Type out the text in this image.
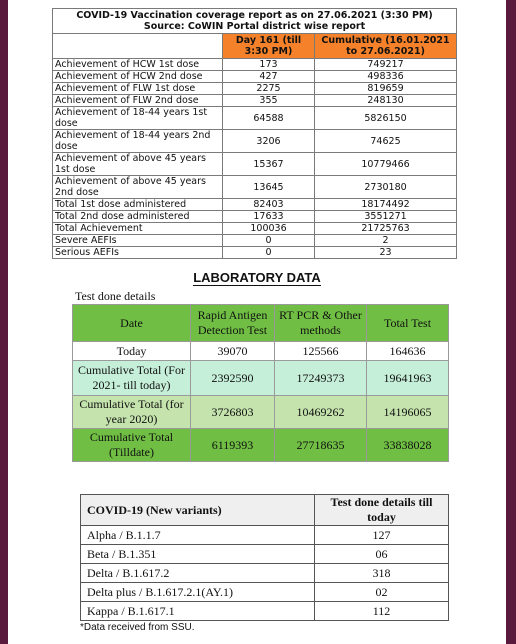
COVID-19 Vaccination coverage report as on 27.06.2021 (3:30 PM)
Source: CoWIN Portal district wise report		
	Day 161 (till 3:30 PM)	Cumulative (16.01.2021 to 27.06.2021)
Achievement of HCW 1st dose	173	749217
Achievement of HCW 2nd dose	427	498336
Achievement of FLW 1st dose	2275	819659
Achievement of FLW 2nd dose	355	248130
Achievement of 18-44 years 1st dose	64588	5826150
Achievement of 18-44 years 2nd dose	3206	74625
Achievement of above 45 years 1st dose	15367	10779466
Achievement of above 45 years 2nd dose	13645	2730180
Total 1st dose administered	82403	18174492
Total 2nd dose administered	17633	3551271
Total Achievement	100036	21725763
Severe AEFIs	0	2
Serious AEFIs	0	23
LABORATORY DATA
Test done details			
Date	Rapid Antigen Detection Test	RT PCR & Other methods	Total Test
Today	39070	125566	164636
Cumulative Total (For 2021- till today)	2392590	17249373	19641963
Cumulative Total (for year 2020)	3726803	10469262	14196065
Cumulative Total (Tilldate)	6119393	27718635	33838028
COVID-19 (New variants)	Test done details till today
Alpha / B.1.1.7	127
Beta / B.1.351	06
Delta / B.1.617.2	318
Delta plus / B.1.617.2.1(AY.1)	02
Kappa / B.1.617.1	112
*Data received from SSU.
